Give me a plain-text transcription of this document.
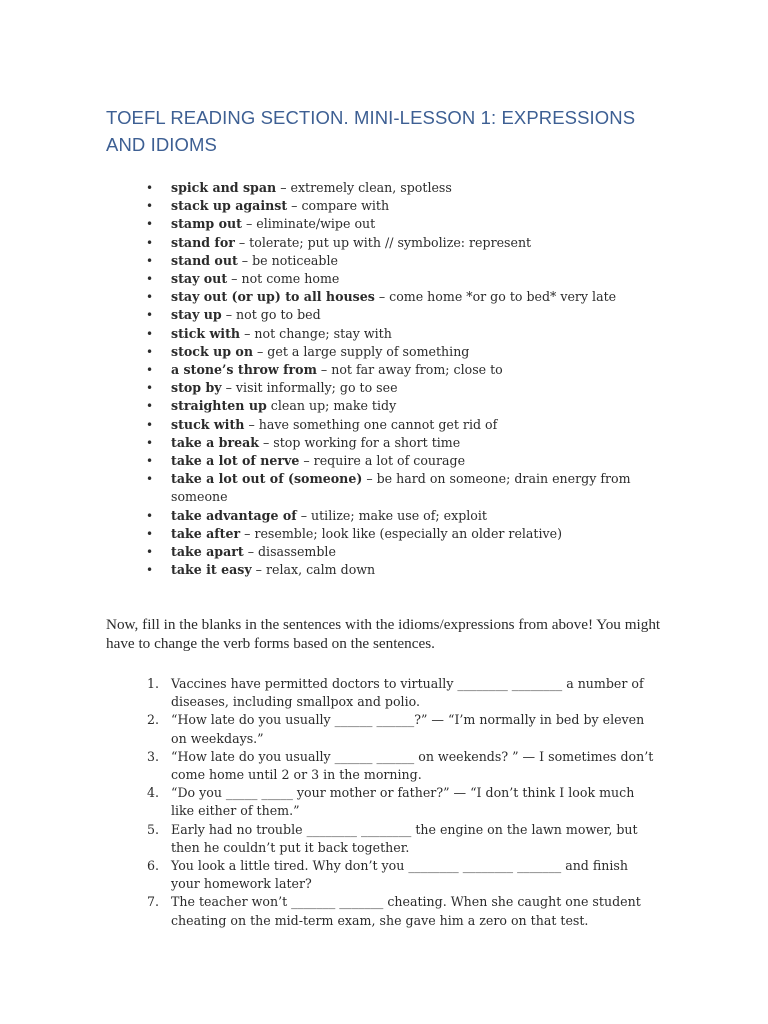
TOEFL READING SECTION. MINI-LESSON 1: EXPRESSIONS AND IDIOMS
• spick and span – extremely clean, spotless
• stack up against – compare with
• stamp out – eliminate/wipe out
• stand for – tolerate; put up with // symbolize: represent
• stand out – be noticeable
• stay out – not come home
• stay out (or up) to all houses – come home *or go to bed* very late
• stay up – not go to bed
• stick with – not change; stay with
• stock up on – get a large supply of something
• a stone’s throw from – not far away from; close to
• stop by – visit informally; go to see
• straighten up clean up; make tidy
• stuck with – have something one cannot get rid of
• take a break – stop working for a short time
• take a lot of nerve – require a lot of courage
• take a lot out of (someone) – be hard on someone; drain energy from someone
• take advantage of – utilize; make use of; exploit
• take after – resemble; look like (especially an older relative)
• take apart – disassemble
• take it easy – relax, calm down
Now, fill in the blanks in the sentences with the idioms/expressions from above! You might have to change the verb forms based on the sentences.
1. Vaccines have permitted doctors to virtually ________ ________ a number of diseases, including smallpox and polio.
2. “How late do you usually ______ ______?” — “I’m normally in bed by eleven on weekdays.”
3. “How late do you usually ______ ______ on weekends? ” — I sometimes don’t come home until 2 or 3 in the morning.
4. “Do you _____ _____ your mother or father?” — “I don’t think I look much like either of them.”
5. Early had no trouble ________ ________ the engine on the lawn mower, but then he couldn’t put it back together.
6. You look a little tired. Why don’t you ________ ________ _______ and finish your homework later?
7. The teacher won’t _______ _______ cheating. When she caught one student cheating on the mid-term exam, she gave him a zero on that test.
